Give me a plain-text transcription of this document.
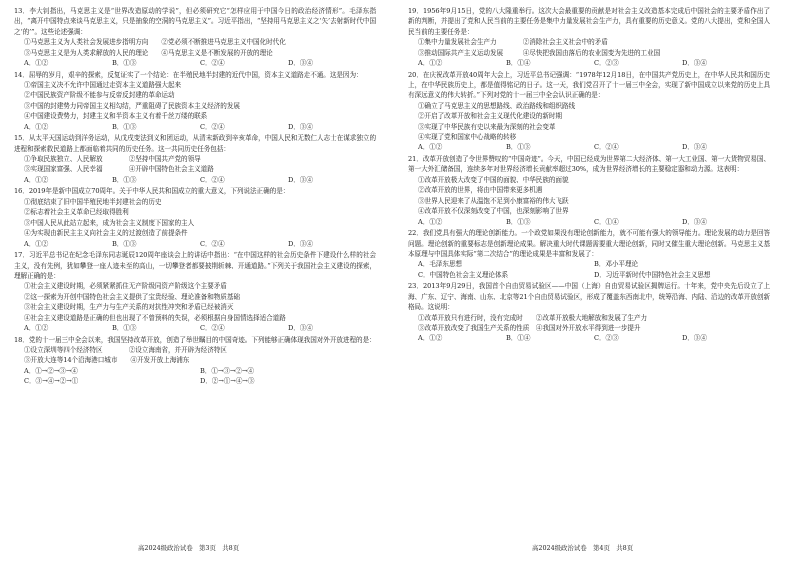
13．李大钊指出，马克思主义是“世界改造原动的学说”，但必须研究它“怎样应用于中国今日的政治经济情形”。毛泽东指出，“离开中国特点来谈马克思主义，只是抽象的空洞的马克思主义”。习近平指出，“坚持用马克思主义之‘矢’去射新时代中国之‘的’”。这些论述强调：

①马克思主义为人类社会发展进步指明方向　　②党必须不断推进马克思主义中国化时代化

③马克思主义是为人类求解放的人民的理论　　④马克思主义是不断发展的开放的理论

A．①②	B．①③	C．②④	D．③④

14．屈辱的岁月，艰辛的探索，反复证实了一个结论：在半殖民地半封建的近代中国，资本主义道路走不通。这是因为：

①帝国主义决不允许中国通过走资本主义道路强大起来

②中国民族资产阶级不能参与反帝反封建的革命运动

③中国的封建势力同帝国主义相勾结，严重阻碍了民族资本主义经济的发展

④中国建设费势力，封建主义和半资本主义有着千丝万缕的联系

A．①②	B．①③	C．②④	D．③④

15．从太平天国运动到洋务运动，从戊戌变法到义和团运动，从清末新政到辛亥革命，中国人民和无数仁人志士在谋求独立的进程和探索救民道路上都面临着共同的历史任务。这一共同历史任务包括：

①争取民族独立、人民解放　　　　②坚持中国共产党的领导

③实现国家富强、人民幸福　　　　④开辟中国特色社会主义道路

A．①②	B．①③	C．②④	D．③④

16．2019年是新中国成立70周年。关于中华人民共和国成立的重大意义，下列说法正确的是：

①彻底结束了旧中国半殖民地半封建社会的历史

②标志着社会主义革命已经取得胜利

③中国人民从此站立起来，成为社会主义制度下国家的主人

④为实现由新民主主义向社会主义的过渡创造了前提条件

A．①②	B．①③	C．②④	D．③④

17．习近平总书记在纪念毛泽东同志诞辰120周年座谈会上的讲话中指出：“在中国这样的社会历史条件下建设什么样的社会主义，没有先例，犹如攀登一座人迹未至的高山，一切攀登者都要披荆斩棘、开通道路。”下列关于我国社会主义建设的探索，理解正确的是：

①社会主义建设时期，必须紧紧抓住无产阶级同资产阶级这个主要矛盾

②这一探索为开创中国特色社会主义提供了宝贵经验、理论准备和物质基础

③社会主义建设时期，生产力与生产关系的对抗性冲突和矛盾已经被消灭

④社会主义建设道路是正确的但也出现了不曾预料的失误，必须根据自身国情选择适合道路

A．①②	B．①③	C．②④	D．③④

18．党的十一届三中全会以来，我国坚持改革开放，创造了举世瞩目的中国奇迹。下列能够正确体现我国对外开放进程的是：

①设立深圳等四个经济特区　　　　②设立海南省，并开辟为经济特区

③开放大连等14个沿海港口城市　　④开发开放上海浦东

A．①→②→③→④	B．①→③→②→④
C．③→④→②→①	D．②→①→④→③

19．1956年9月15日，党的八大隆重举行。这次大会最重要的贡献是对社会主义改造基本完成后中国社会的主要矛盾作出了新的判断，并提出了党和人民当前的主要任务是集中力量发展社会生产力，具有重要的历史意义。党的八大提出，党和全国人民当前的主要任务是：

①集中力量发展社会生产力　　　　②消除社会主义社会中的矛盾

③推动国际共产主义运动发展　　　④尽快把我国由落后的农业国变为先进的工业国

A．①②	B．①④	C．②③	D．③④

20．在庆祝改革开放40周年大会上，习近平总书记强调：“1978年12月18日，在中国共产党历史上，在中华人民共和国历史上，在中华民族历史上，都是值得铭记的日子。这一天，我们党召开了十一届三中全会，实现了新中国成立以来党的历史上具有深远意义的伟大转折。”下列对党的十一届三中全会认识正确的是：

①确立了马克思主义的思想路线、政治路线和组织路线

②开启了改革开放和社会主义现代化建设的新时期

③实现了中华民族有史以来最为深刻的社会变革

④实现了党和国家中心战略的转移

A．①②	B．①③	C．②④	D．③④

21．改革开放创造了令世界赞叹的“中国奇迹”。今天，中国已经成为世界第二大经济体、第一大工业国、第一大货物贸易国、第一大外汇储备国，连续多年对世界经济增长贡献率超过30%，成为世界经济增长的主要稳定器和动力源。这表明：

①改革开放极大改变了中国的面貌、中华民族的面貌

②改革开放的世界，将由中国带来更多机遇

③世界人民迎来了从温饱不足到小康富裕的伟大飞跃

④改革开放不仅深刻改变了中国，也深刻影响了世界

A．①②	B．①③	C．①④	D．③④

22．我们党具有强大的理论创新能力。一个政党如果没有理论创新能力，就不可能有强大的领导能力。理论发展的动力是回答问题。理论创新的重要标志是创新理论成果。解决重大时代课题需要重大理论创新，同时又催生重大理论创新。马克思主义基本原理与中国具体实际“第二次结合”的理论成果是丰富和发展了：

A．毛泽东思想	B．邓小平理论
C．中国特色社会主义理论体系	D．习近平新时代中国特色社会主义思想

23．2013年9月29日，我国首个自由贸易试验区——中国（上海）自由贸易试验区揭牌运行。十年来，党中央先后设立了上海、广东、辽宁、海南、山东、北京等21个自由贸易试验区，形成了覆盖东西南北中，统筹沿海、内陆、沿边的改革开放创新格局。这说明：

①改革开放只有进行时，没有完成时　　②改革开放极大地解放和发展了生产力

③改革开放改变了我国生产关系的性质　④我国对外开放水平得到进一步提升

A．①②	B．①④	C．②③	D．③④
高2024级政治试卷　第3页　共8页	高2024级政治试卷　第4页　共8页
